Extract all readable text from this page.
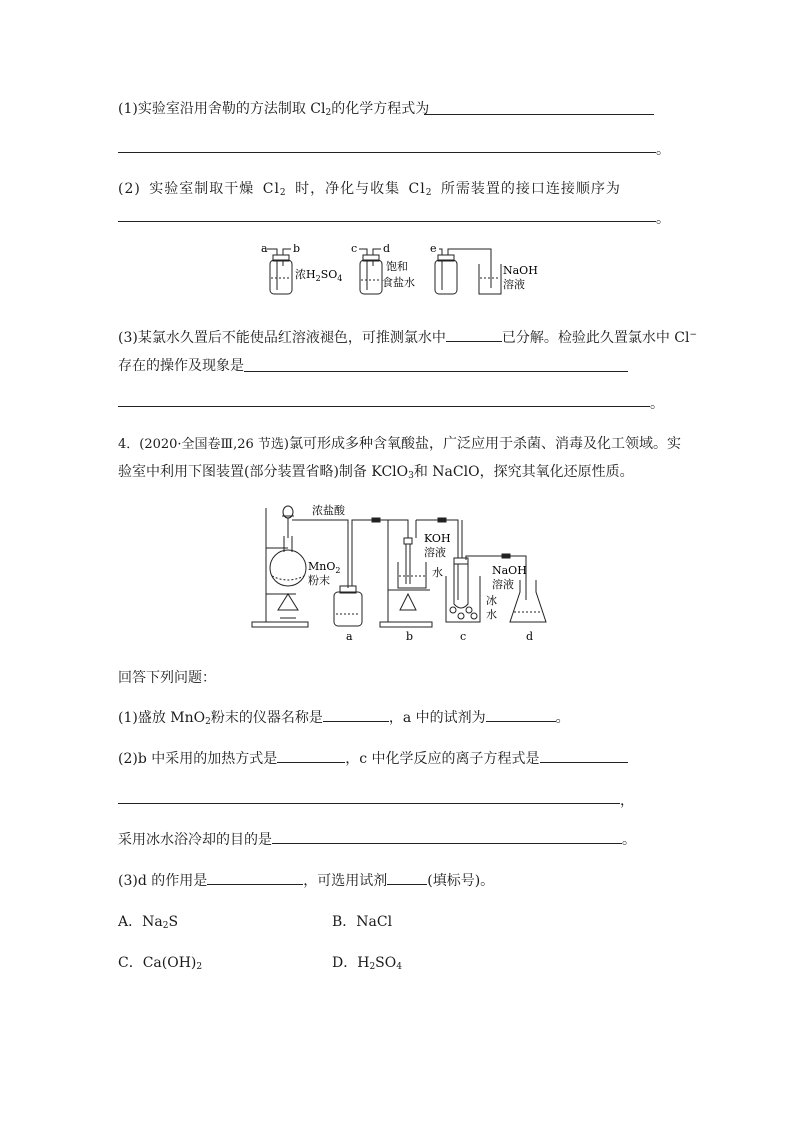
(1)实验室沿用舍勒的方法制取 $Cl_2$的化学方程式为
。
(2) 实验室制取干燥 $Cl_2$ 时，净化与收集 $Cl_2$ 所需装置的接口连接顺序为
。
a b	c d	e
浓$H_2SO_4$
饱和
食盐水
NaOH
溶液
(3)某氯水久置后不能使品红溶液褪色，可推测氯水中	已分解。检验此久置氯水中 Cl−
存在的操作及现象是
。
4．(2020·全国卷Ⅲ,26 节选)氯可形成多种含氧酸盐，广泛应用于杀菌、消毒及化工领域。实
验室中利用下图装置(部分装置省略)制备 KClO$_3$和 NaClO，探究其氧化还原性质。
浓盐酸
MnO$_2$
粉末
KOH
溶液
水	NaOH
溶液
冰
水
a	b	c	d
回答下列问题：
(1)盛放 MnO$_2$粉末的仪器名称是	，a 中的试剂为	。
(2)b 中采用的加热方式是	，c 中化学反应的离子方程式是
，
采用冰水浴冷却的目的是	。
(3)d 的作用是	，可选用试剂	(填标号)。
A．$Na_2S$	B．NaCl
C．$Ca(OH)_2$	D．$H_2SO_4$
